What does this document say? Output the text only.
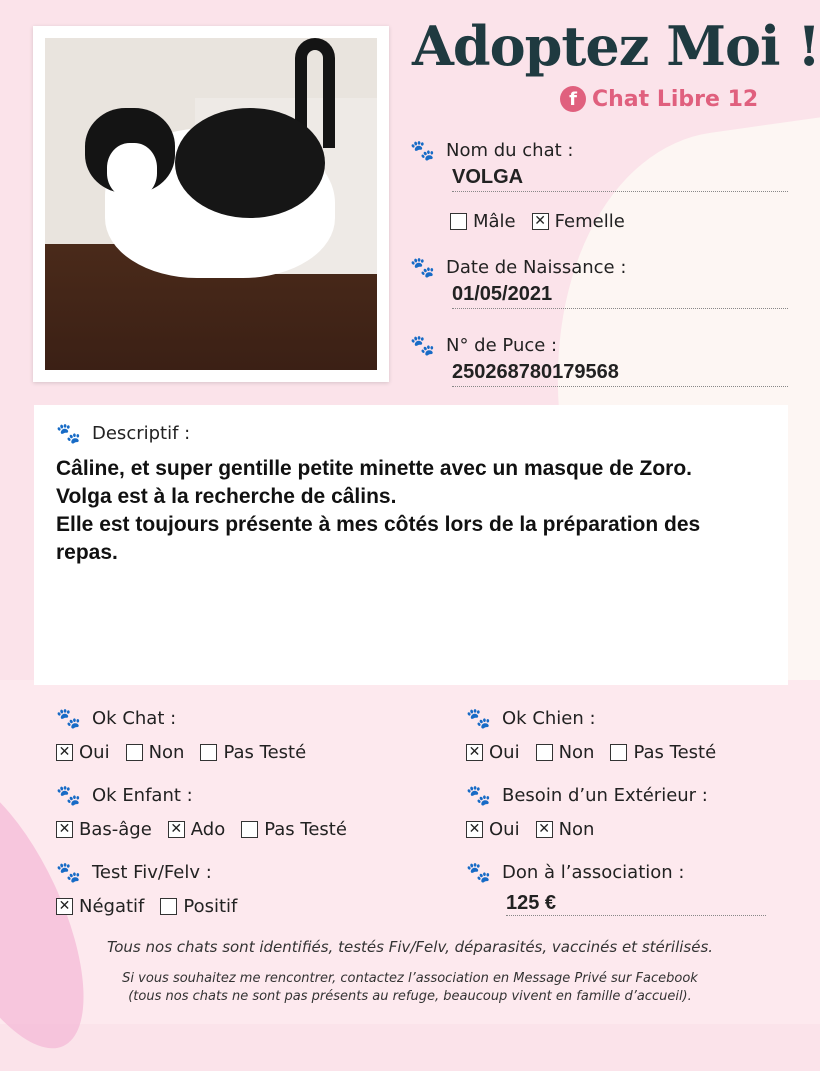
Adoptez Moi !
f Chat Libre 12
🐾 Nom du chat :
VOLGA
Mâle ✕ Femelle
🐾 Date de Naissance :
01/05/2021
🐾 N° de Puce :
250268780179568
🐾 Descriptif :

Câline, et super gentille petite minette avec un masque de Zoro.
Volga est à la recherche de câlins.
Elle est toujours présente à mes côtés lors de la préparation des repas.

🐾 Ok Chat :
✕ Oui Non Pas Testé
🐾 Ok Chien :
✕ Oui Non Pas Testé
🐾 Ok Enfant :
✕ Bas-âge ✕ Ado Pas Testé
🐾 Besoin d’un Extérieur :
✕ Oui ✕ Non
🐾 Test Fiv/Felv :
✕ Négatif Positif
🐾 Don à l’association :
125 €
Tous nos chats sont identifiés, testés Fiv/Felv, déparasités, vaccinés et stérilisés.
Si vous souhaitez me rencontrer, contactez l’association en Message Privé sur Facebook
(tous nos chats ne sont pas présents au refuge, beaucoup vivent en famille d’accueil).
